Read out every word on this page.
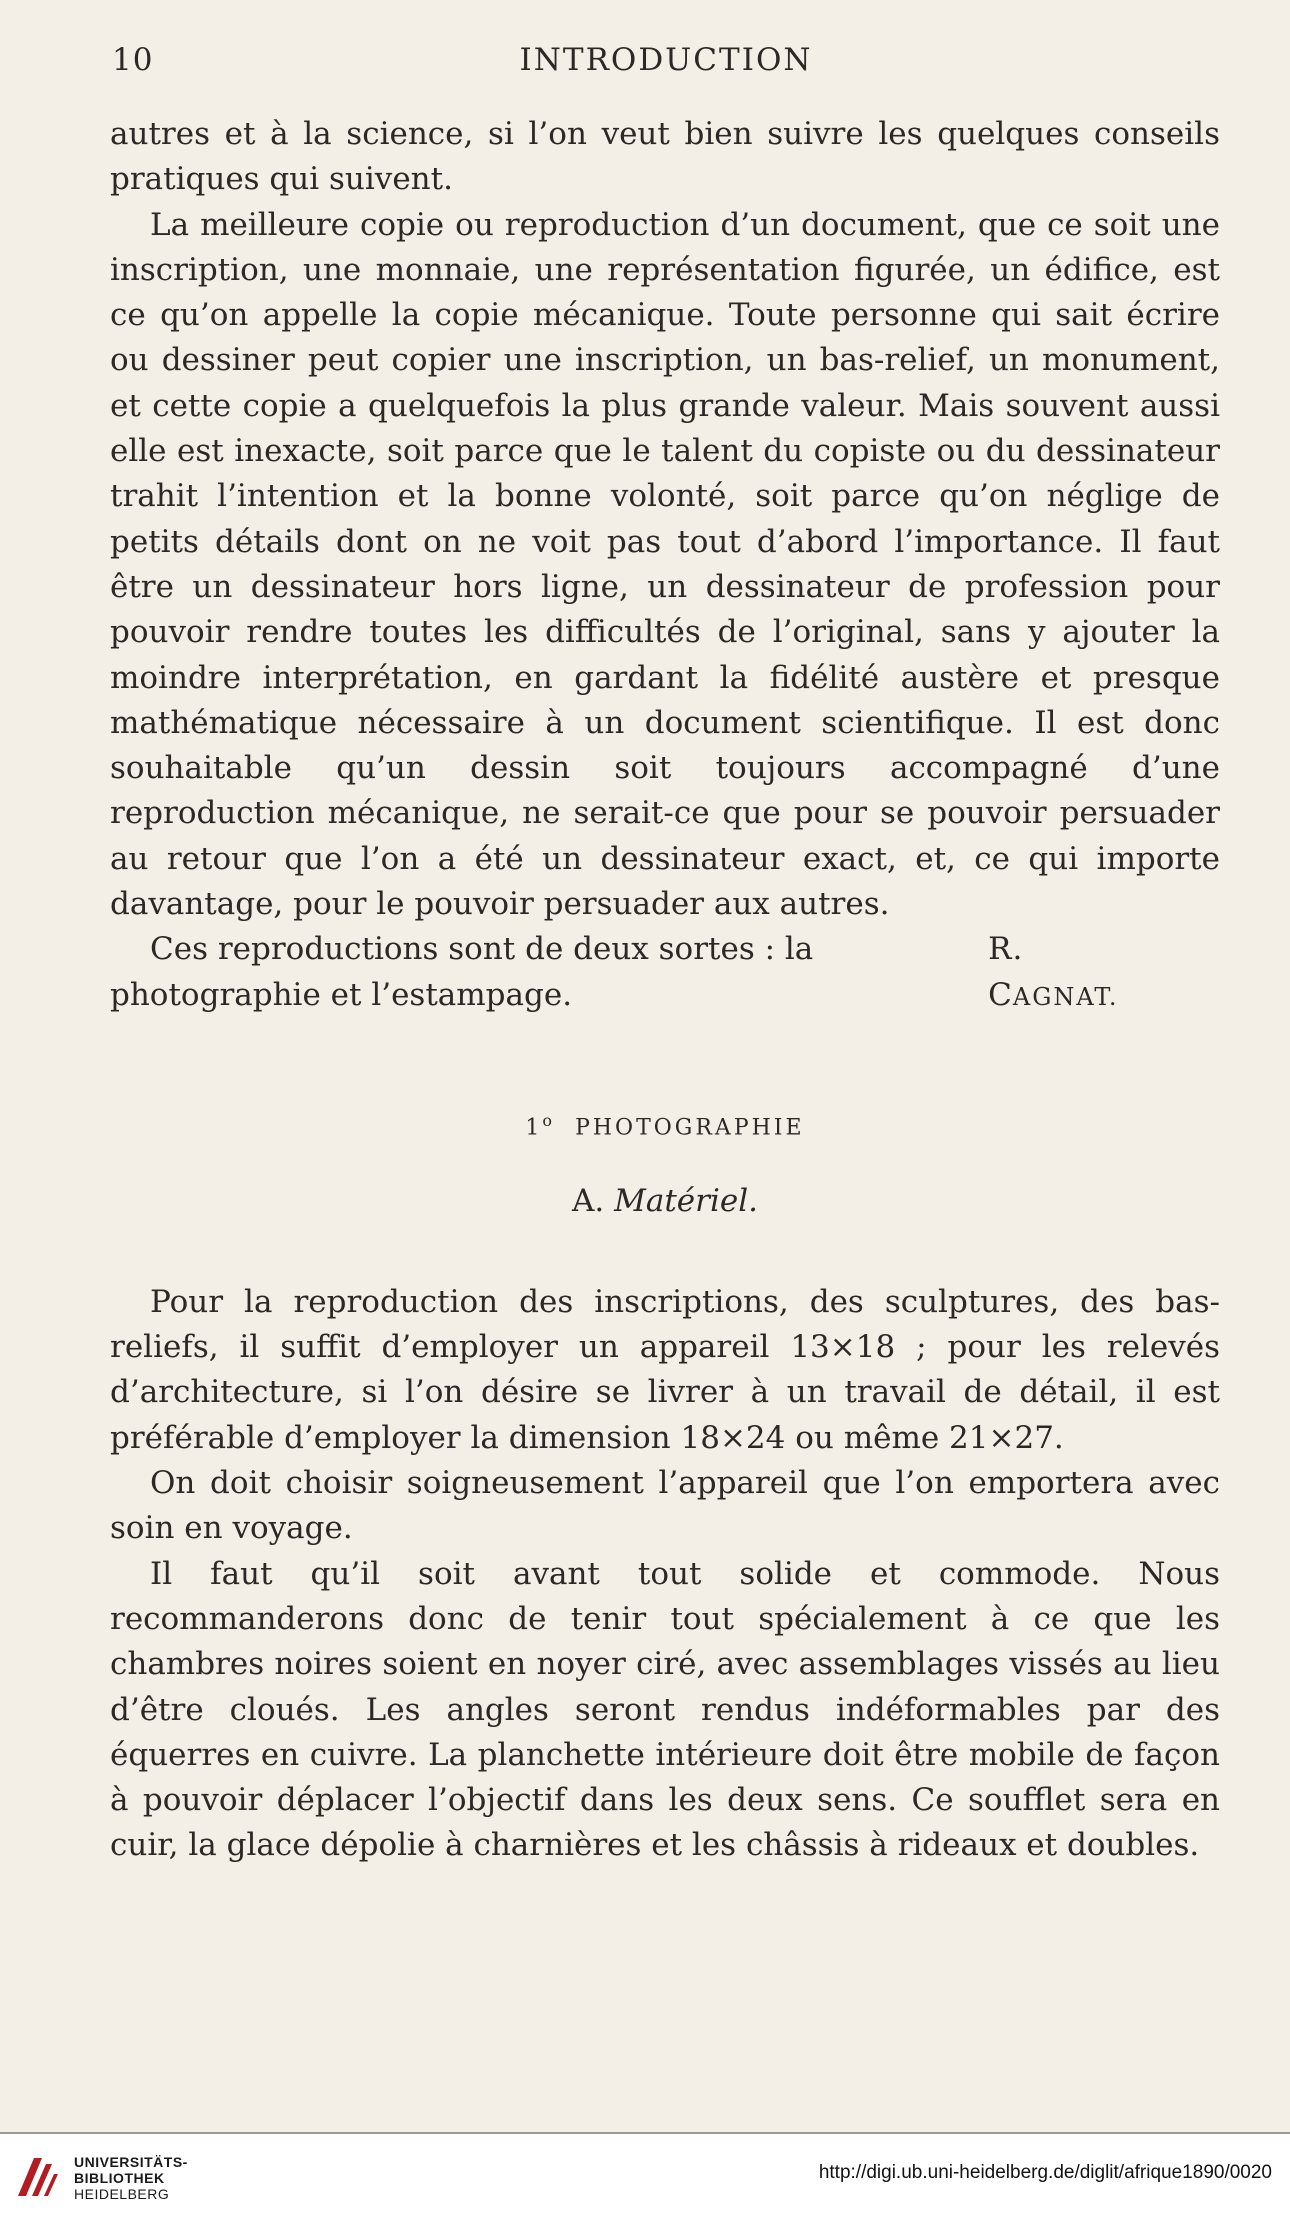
10	INTRODUCTION

autres et à la science, si l’on veut bien suivre les quelques conseils pratiques qui suivent.

La meilleure copie ou reproduction d’un document, que ce soit une inscription, une monnaie, une représentation figurée, un édifice, est ce qu’on appelle la copie mécanique. Toute personne qui sait écrire ou dessiner peut copier une inscription, un bas-relief, un monument, et cette copie a quelquefois la plus grande valeur. Mais souvent aussi elle est inexacte, soit parce que le talent du copiste ou du dessinateur trahit l’intention et la bonne volonté, soit parce qu’on néglige de petits détails dont on ne voit pas tout d’abord l’importance. Il faut être un dessinateur hors ligne, un dessinateur de profession pour pouvoir rendre toutes les difficultés de l’original, sans y ajouter la moindre interprétation, en gardant la fidélité austère et presque mathématique nécessaire à un document scientifique. Il est donc souhaitable qu’un dessin soit toujours accompagné d’une reproduction mécanique, ne serait-ce que pour se pouvoir persuader au retour que l’on a été un dessinateur exact, et, ce qui importe davantage, pour le pouvoir persuader aux autres.

Ces reproductions sont de deux sortes : la photographie et l’estampage.

R. CAGNAT.
1$^o$ PHOTOGRAPHIE
A. Matériel.

Pour la reproduction des inscriptions, des sculptures, des bas-reliefs, il suffit d’employer un appareil 13×18 ; pour les relevés d’architecture, si l’on désire se livrer à un travail de détail, il est préférable d’employer la dimension 18×24 ou même 21×27.

On doit choisir soigneusement l’appareil que l’on emportera avec soin en voyage.

Il faut qu’il soit avant tout solide et commode. Nous recommanderons donc de tenir tout spécialement à ce que les chambres noires soient en noyer ciré, avec assemblages vissés au lieu d’être cloués. Les angles seront rendus indéformables par des équerres en cuivre. La planchette intérieure doit être mobile de façon à pouvoir déplacer l’objectif dans les deux sens. Ce soufflet sera en cuir, la glace dépolie à charnières et les châssis à rideaux et doubles.

UNIVERSITÄTS-
BIBLIOTHEK
HEIDELBERG
http://digi.ub.uni-heidelberg.de/diglit/afrique1890/0020
